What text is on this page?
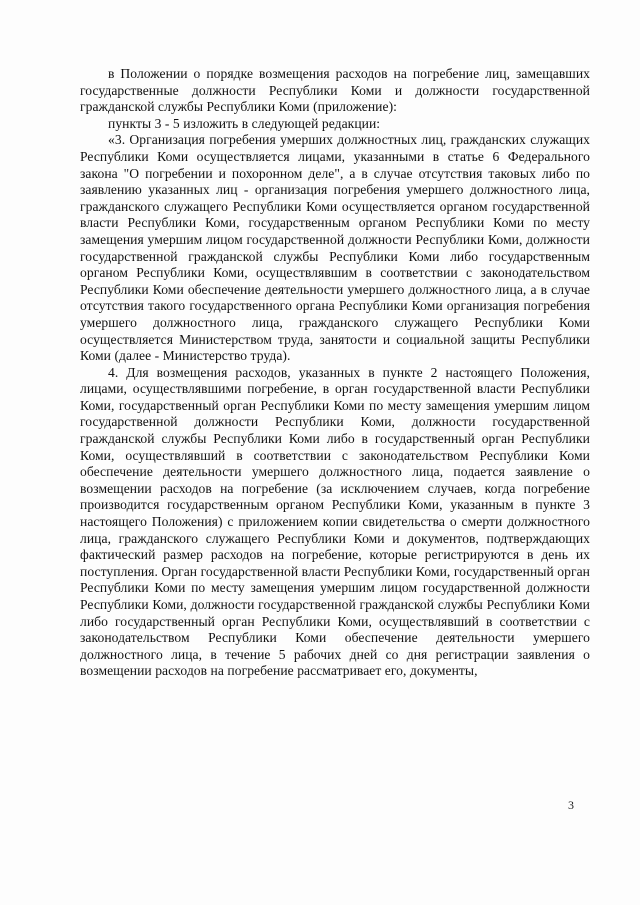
в Положении о порядке возмещения расходов на погребение лиц, замещавших государственные должности Республики Коми и должности государственной гражданской службы Республики Коми (приложение):

пункты 3 - 5 изложить в следующей редакции:

«3. Организация погребения умерших должностных лиц, гражданских служащих Республики Коми осуществляется лицами, указанными в статье 6 Федерального закона "О погребении и похоронном деле", а в случае отсутствия таковых либо по заявлению указанных лиц - организация погребения умершего должностного лица, гражданского служащего Республики Коми осуществляется органом государственной власти Республики Коми, государственным органом Республики Коми по месту замещения умершим лицом государственной должности Республики Коми, должности государственной гражданской службы Республики Коми либо государственным органом Республики Коми, осуществлявшим в соответствии с законодательством Республики Коми обеспечение деятельности умершего должностного лица, а в случае отсутствия такого государственного органа Республики Коми организация погребения умершего должностного лица, гражданского служащего Республики Коми осуществляется Министерством труда, занятости и социальной защиты Республики Коми (далее - Министерство труда).

4. Для возмещения расходов, указанных в пункте 2 настоящего Положения, лицами, осуществлявшими погребение, в орган государственной власти Республики Коми, государственный орган Республики Коми по месту замещения умершим лицом государственной должности Республики Коми, должности государственной гражданской службы Республики Коми либо в государственный орган Республики Коми, осуществлявший в соответствии с законодательством Республики Коми обеспечение деятельности умершего должностного лица, подается заявление о возмещении расходов на погребение (за исключением случаев, когда погребение производится государственным органом Республики Коми, указанным в пункте 3 настоящего Положения) с приложением копии свидетельства о смерти должностного лица, гражданского служащего Республики Коми и документов, подтверждающих фактический размер расходов на погребение, которые регистрируются в день их поступления. Орган государственной власти Республики Коми, государственный орган Республики Коми по месту замещения умершим лицом государственной должности Республики Коми, должности государственной гражданской службы Республики Коми либо государственный орган Республики Коми, осуществлявший в соответствии с законодательством Республики Коми обеспечение деятельности умершего должностного лица, в течение 5 рабочих дней со дня регистрации заявления о возмещении расходов на погребение рассматривает его, документы,

3
